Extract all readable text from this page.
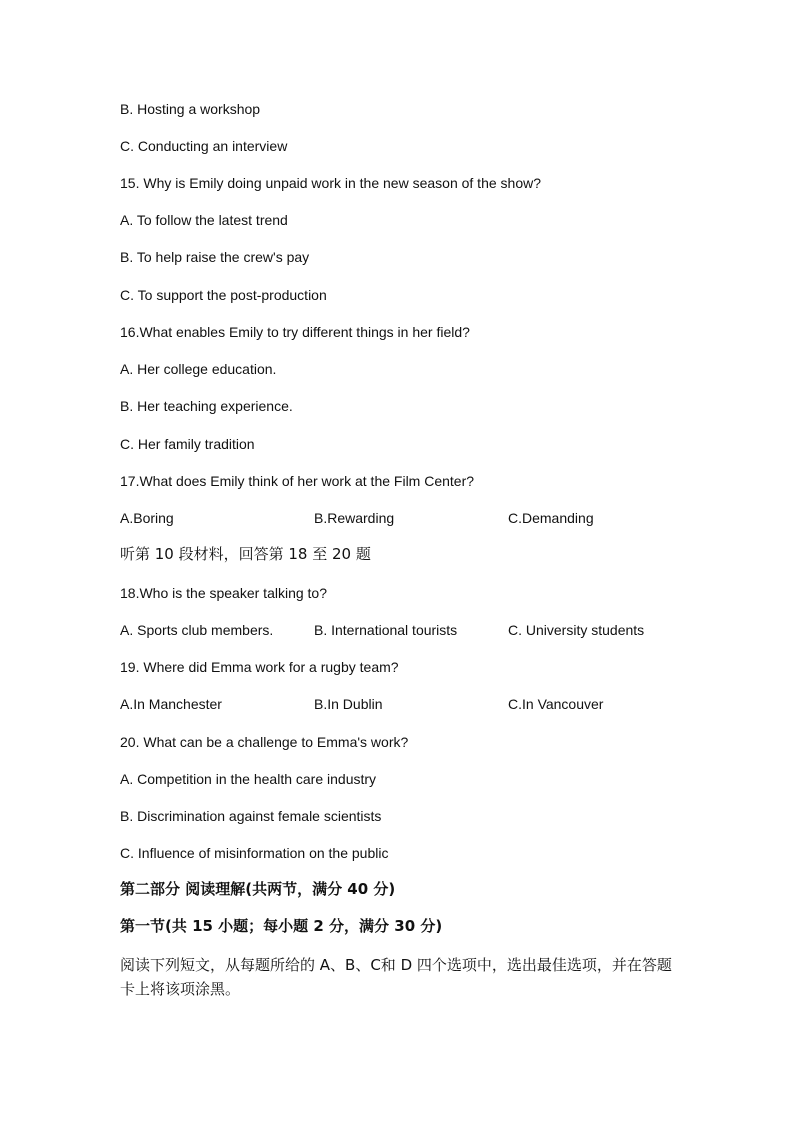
B. Hosting a workshop
C. Conducting an interview
15. Why is Emily doing unpaid work in the new season of the show?
A. To follow the latest trend
B. To help raise the crew's pay
C. To support the post-production
16.What enables Emily to try different things in her field?
A. Her college education.
B. Her teaching experience.
C. Her family tradition
17.What does Emily think of her work at the Film Center?
A.Boring	B.Rewarding	C.Demanding
听第 10 段材料，回答第 18 至 20 题
18.Who is the speaker talking to?
A. Sports club members.	B. International tourists	C. University students
19. Where did Emma work for a rugby team?
A.In Manchester	B.In Dublin	C.In Vancouver
20. What can be a challenge to Emma's work?
A. Competition in the health care industry
B. Discrimination against female scientists
C. Influence of misinformation on the public
第二部分 阅读理解(共两节，满分 40 分)
第一节(共 15 小题；每小题 2 分，满分 30 分)
阅读下列短文，从每题所给的 A、B、C和 D 四个选项中，选出最佳选项，并在答题卡上将该项涂黑。
